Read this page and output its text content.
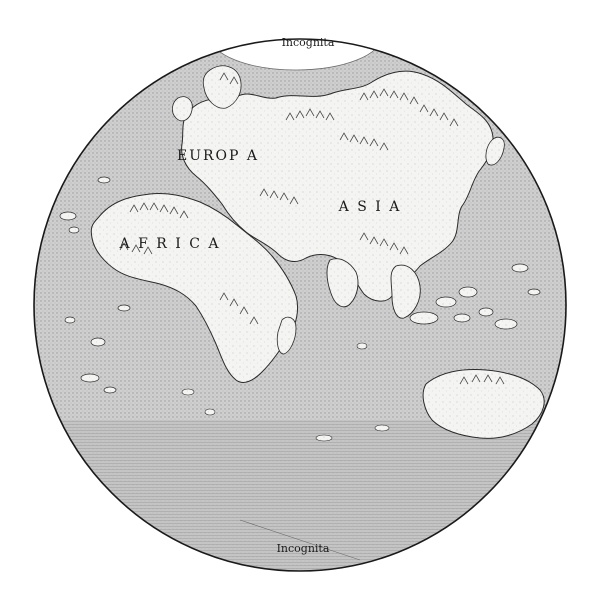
Incognita
EUROP A
A S I A
A F R I C A
Incognita
